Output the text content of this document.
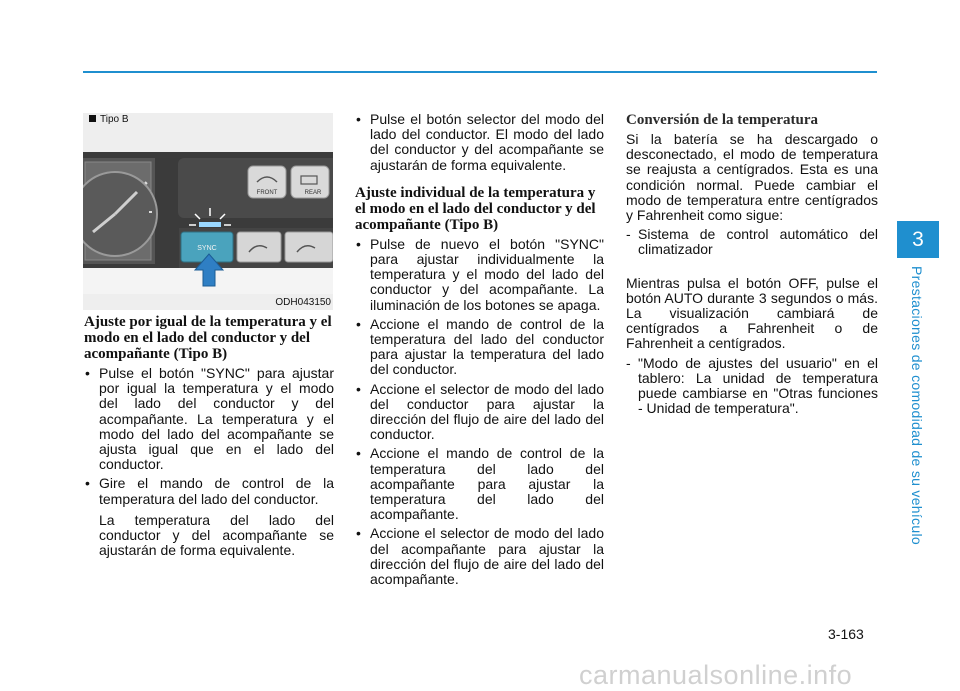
3
Prestaciones de comodidad de su vehículo
Tipo B
FRONT	REAR
SYNC
ODH043150
Ajuste por igual de la temperatura y el modo en el lado del conductor y del acompañante (Tipo B)
• Pulse el botón "SYNC" para ajustar por igual la temperatura y el modo del lado del conductor y del acompañante. La temperatura y el modo del lado del acompañante se ajusta igual que en el lado del conductor.
• Gire el mando de control de la temperatura del lado del conductor.

La temperatura del lado del conductor y del acompañante se ajustarán de forma equivalente.

• Pulse el botón selector del modo del lado del conductor. El modo del lado del conductor y del acompañante se ajustarán de forma equivalente.
Ajuste individual de la temperatura y el modo en el lado del conductor y del acompañante (Tipo B)
• Pulse de nuevo el botón "SYNC" para ajustar individualmente la temperatura y el modo del lado del conductor y del acompañante. La iluminación de los botones se apaga.
• Accione el mando de control de la temperatura del lado del conductor para ajustar la temperatura del lado del conductor.
• Accione el selector de modo del lado del conductor para ajustar la dirección del flujo de aire del lado del conductor.
• Accione el mando de control de la temperatura del lado del acompañante para ajustar la temperatura del lado del acompañante.
• Accione el selector de modo del lado del acompañante para ajustar la dirección del flujo de aire del lado del acompañante.
Conversión de la temperatura

Si la batería se ha descargado o desconectado, el modo de temperatura se reajusta a centígrados. Esta es una condición normal. Puede cambiar el modo de temperatura entre centígrados y Fahrenheit como sigue:

- Sistema de control automático del climatizador

Mientras pulsa el botón OFF, pulse el botón AUTO durante 3 segundos o más. La visualización cambiará de centígrados a Fahrenheit o de Fahrenheit a centígrados.

- "Modo de ajustes del usuario" en el tablero: La unidad de temperatura puede cambiarse en "Otras funciones - Unidad de temperatura".
3-163
carmanualsonline.info
